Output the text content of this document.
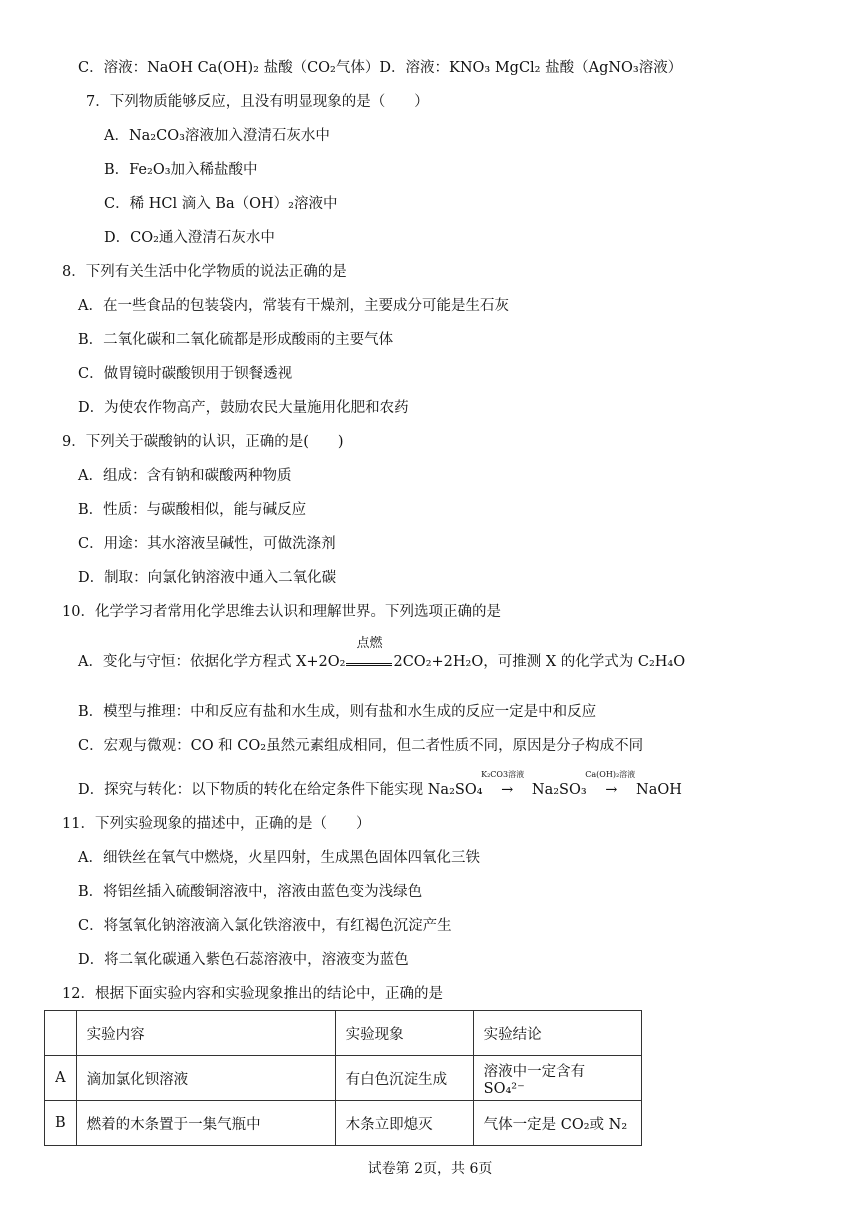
C．溶液：NaOH Ca(OH)₂ 盐酸（CO₂气体）D．溶液：KNO₃ MgCl₂ 盐酸（AgNO₃溶液）
7．下列物质能够反应，且没有明显现象的是（　　）
A．Na₂CO₃溶液加入澄清石灰水中
B．Fe₂O₃加入稀盐酸中
C．稀 HCl 滴入 Ba（OH）₂溶液中
D．CO₂通入澄清石灰水中
8．下列有关生活中化学物质的说法正确的是
A．在一些食品的包装袋内，常装有干燥剂，主要成分可能是生石灰
B．二氧化碳和二氧化硫都是形成酸雨的主要气体
C．做胃镜时碳酸钡用于钡餐透视
D．为使农作物高产，鼓励农民大量施用化肥和农药
9．下列关于碳酸钠的认识，正确的是(　　)
A．组成：含有钠和碳酸两种物质
B．性质：与碳酸相似，能与碱反应
C．用途：其水溶液呈碱性，可做洗涤剂
D．制取：向氯化钠溶液中通入二氧化碳
10．化学学习者常用化学思维去认识和理解世界。下列选项正确的是
A．变化与守恒：依据化学方程式 X+2O₂
点燃
2CO₂+2H₂O，可推测 X 的化学式为 C₂H₄O
B．模型与推理：中和反应有盐和水生成，则有盐和水生成的反应一定是中和反应
C．宏观与微观：CO 和 CO₂虽然元素组成相同，但二者性质不同，原因是分子构成不同
D．探究与转化：以下物质的转化在给定条件下能实现 Na₂SO₄
K₂CO3溶液
→ Na₂SO₃
Ca(OH)₂溶液
→ NaOH
11．下列实验现象的描述中，正确的是（　　）
A．细铁丝在氧气中燃烧，火星四射，生成黑色固体四氧化三铁
B．将铝丝插入硫酸铜溶液中，溶液由蓝色变为浅绿色
C．将氢氧化钠溶液滴入氯化铁溶液中，有红褐色沉淀产生
D．将二氧化碳通入紫色石蕊溶液中，溶液变为蓝色
12．根据下面实验内容和实验现象推出的结论中，正确的是
	实验内容	实验现象	实验结论
A	滴加氯化钡溶液	有白色沉淀生成	溶液中一定含有 SO₄²⁻
B	燃着的木条置于一集气瓶中	木条立即熄灭	气体一定是 CO₂或 N₂
试卷第 2页，共 6页
